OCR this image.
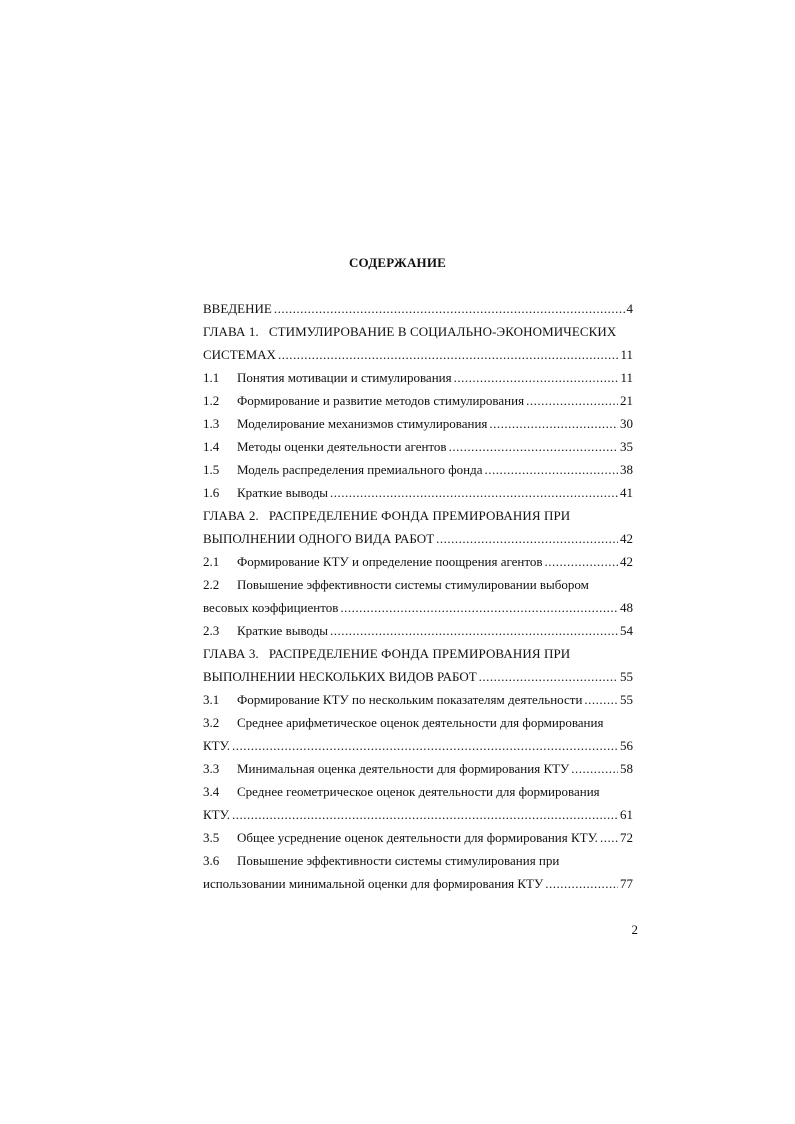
СОДЕРЖАНИЕ
ВВЕДЕНИЕ .....	4
ГЛАВА 1.   СТИМУЛИРОВАНИЕ В СОЦИАЛЬНО-ЭКОНОМИЧЕСКИХ
СИСТЕМАХ .....	11
1.1	Понятия мотивации и стимулирования .....	11
1.2	Формирование и развитие методов стимулирования .....	21
1.3	Моделирование механизмов стимулирования .....	30
1.4	Методы оценки деятельности агентов .....	35
1.5	Модель распределения премиального фонда .....	38
1.6	Краткие выводы .....	41
ГЛАВА 2.   РАСПРЕДЕЛЕНИЕ ФОНДА ПРЕМИРОВАНИЯ ПРИ
ВЫПОЛНЕНИИ ОДНОГО ВИДА РАБОТ .....	42
2.1	Формирование КТУ и определение поощрения агентов .....	42
2.2 Повышение эффективности системы стимулировании выбором
весовых коэффициентов .....	48
2.3	Краткие выводы .....	54
ГЛАВА 3.   РАСПРЕДЕЛЕНИЕ ФОНДА ПРЕМИРОВАНИЯ ПРИ
ВЫПОЛНЕНИИ НЕСКОЛЬКИХ ВИДОВ РАБОТ .....	55
3.1	Формирование КТУ по нескольким показателям деятельности .....	55
3.2 Среднее арифметическое оценок деятельности для формирования
КТУ. .....	56
3.3	Минимальная оценка деятельности для формирования КТУ .....	58
3.4 Среднее геометрическое оценок деятельности для формирования
КТУ. .....	61
3.5	Общее усреднение оценок деятельности для формирования КТУ. ..... 72
3.6 Повышение эффективности системы стимулирования при
использовании минимальной оценки для формирования КТУ .....	77
2
